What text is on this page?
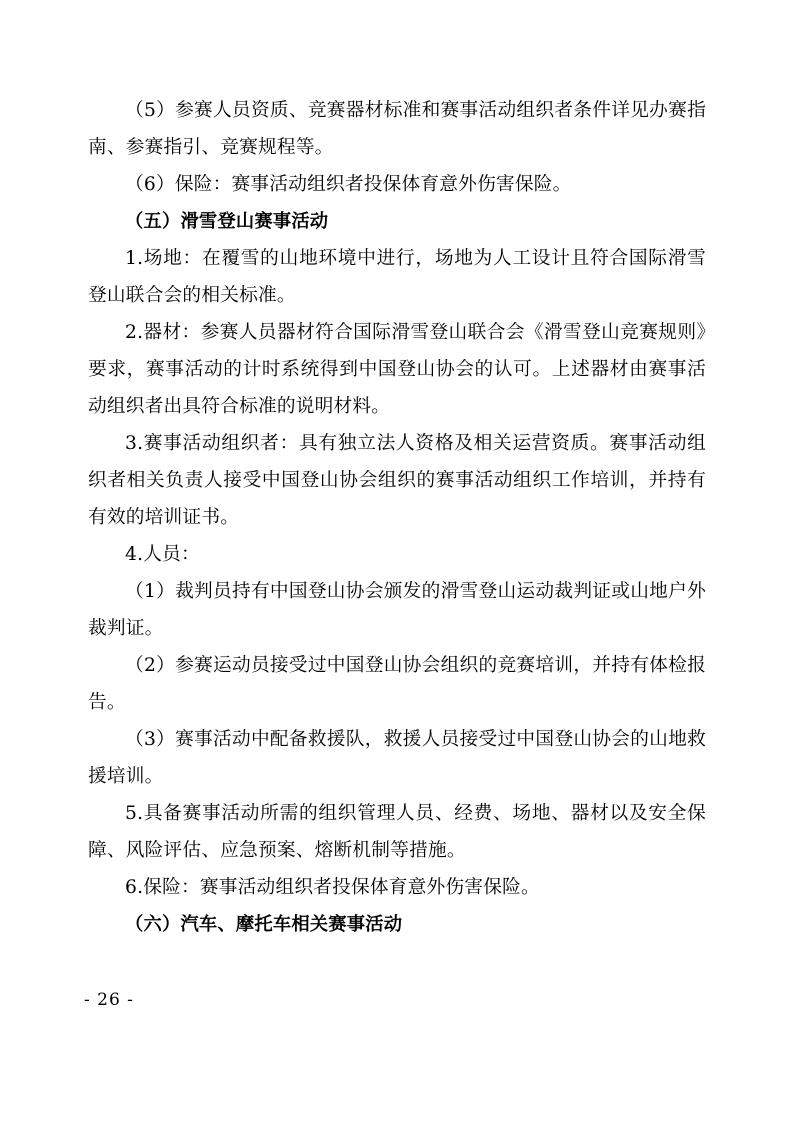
（5）参赛人员资质、竞赛器材标准和赛事活动组织者条件详见办赛指南、参赛指引、竞赛规程等。

（6）保险：赛事活动组织者投保体育意外伤害保险。

（五）滑雪登山赛事活动

1.场地：在覆雪的山地环境中进行，场地为人工设计且符合国际滑雪登山联合会的相关标准。

2.器材：参赛人员器材符合国际滑雪登山联合会《滑雪登山竞赛规则》要求，赛事活动的计时系统得到中国登山协会的认可。上述器材由赛事活动组织者出具符合标准的说明材料。

3.赛事活动组织者：具有独立法人资格及相关运营资质。赛事活动组织者相关负责人接受中国登山协会组织的赛事活动组织工作培训，并持有有效的培训证书。

4.人员：

（1）裁判员持有中国登山协会颁发的滑雪登山运动裁判证或山地户外裁判证。

（2）参赛运动员接受过中国登山协会组织的竞赛培训，并持有体检报告。

（3）赛事活动中配备救援队，救援人员接受过中国登山协会的山地救援培训。

5.具备赛事活动所需的组织管理人员、经费、场地、器材以及安全保障、风险评估、应急预案、熔断机制等措施。

6.保险：赛事活动组织者投保体育意外伤害保险。

（六）汽车、摩托车相关赛事活动

- 26 -
